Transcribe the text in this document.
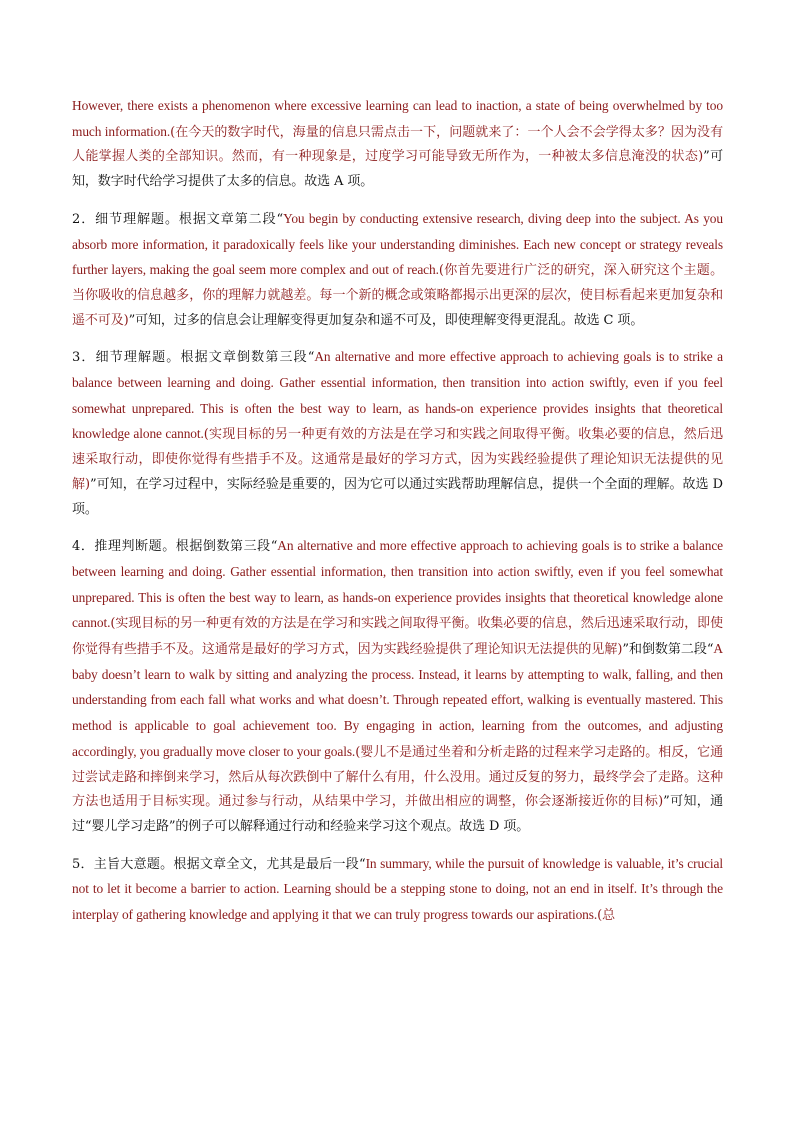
However, there exists a phenomenon where excessive learning can lead to inaction, a state of being overwhelmed by too much information.(在今天的数字时代，海量的信息只需点击一下，问题就来了：一个人会不会学得太多？因为没有人能掌握人类的全部知识。然而，有一种现象是，过度学习可能导致无所作为，一种被太多信息淹没的状态)”可知，数字时代给学习提供了太多的信息。故选 A 项。

2．细节理解题。根据文章第二段“You begin by conducting extensive research, diving deep into the subject. As you absorb more information, it paradoxically feels like your understanding diminishes. Each new concept or strategy reveals further layers, making the goal seem more complex and out of reach.(你首先要进行广泛的研究，深入研究这个主题。当你吸收的信息越多，你的理解力就越差。每一个新的概念或策略都揭示出更深的层次，使目标看起来更加复杂和遥不可及)”可知，过多的信息会让理解变得更加复杂和遥不可及，即使理解变得更混乱。故选 C 项。

3．细节理解题。根据文章倒数第三段“An alternative and more effective approach to achieving goals is to strike a balance between learning and doing. Gather essential information, then transition into action swiftly, even if you feel somewhat unprepared. This is often the best way to learn, as hands-on experience provides insights that theoretical knowledge alone cannot.(实现目标的另一种更有效的方法是在学习和实践之间取得平衡。收集必要的信息，然后迅速采取行动，即使你觉得有些措手不及。这通常是最好的学习方式，因为实践经验提供了理论知识无法提供的见解)”可知，在学习过程中，实际经验是重要的，因为它可以通过实践帮助理解信息，提供一个全面的理解。故选 D 项。

4．推理判断题。根据倒数第三段“An alternative and more effective approach to achieving goals is to strike a balance between learning and doing. Gather essential information, then transition into action swiftly, even if you feel somewhat unprepared. This is often the best way to learn, as hands-on experience provides insights that theoretical knowledge alone cannot.(实现目标的另一种更有效的方法是在学习和实践之间取得平衡。收集必要的信息，然后迅速采取行动，即使你觉得有些措手不及。这通常是最好的学习方式，因为实践经验提供了理论知识无法提供的见解)”和倒数第二段“A baby doesn’t learn to walk by sitting and analyzing the process. Instead, it learns by attempting to walk, falling, and then understanding from each fall what works and what doesn’t. Through repeated effort, walking is eventually mastered. This method is applicable to goal achievement too. By engaging in action, learning from the outcomes, and adjusting accordingly, you gradually move closer to your goals.(婴儿不是通过坐着和分析走路的过程来学习走路的。相反，它通过尝试走路和摔倒来学习，然后从每次跌倒中了解什么有用，什么没用。通过反复的努力，最终学会了走路。这种方法也适用于目标实现。通过参与行动，从结果中学习，并做出相应的调整，你会逐渐接近你的目标)”可知，通过“婴儿学习走路”的例子可以解释通过行动和经验来学习这个观点。故选 D 项。

5．主旨大意题。根据文章全文，尤其是最后一段“In summary, while the pursuit of knowledge is valuable, it’s crucial not to let it become a barrier to action. Learning should be a stepping stone to doing, not an end in itself. It’s through the interplay of gathering knowledge and applying it that we can truly progress towards our aspirations.(总
